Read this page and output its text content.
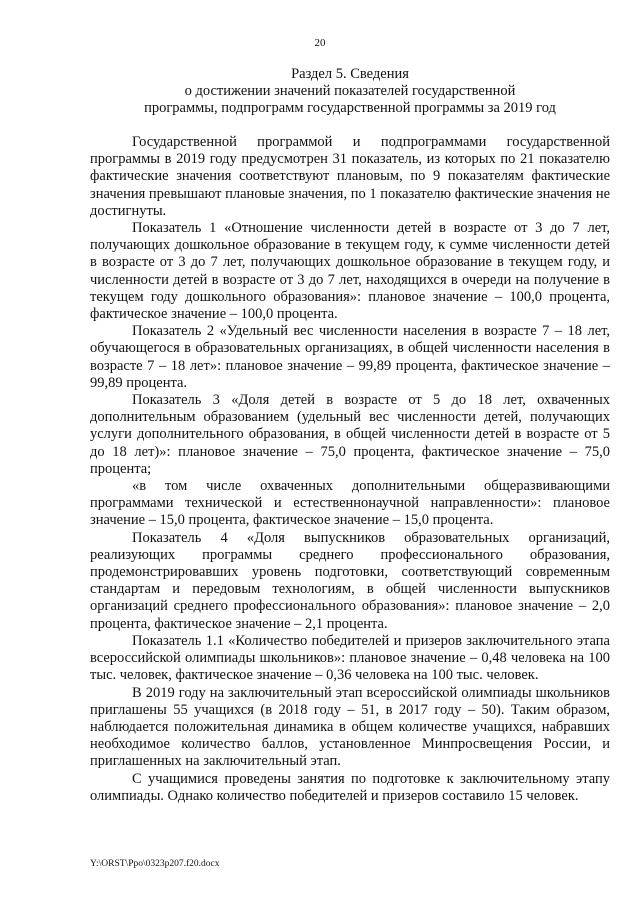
20
Раздел 5. Сведения
о достижении значений показателей государственной
программы, подпрограмм государственной программы за 2019 год

Государственной программой и подпрограммами государственной программы в 2019 году предусмотрен 31 показатель, из которых по 21 показателю фактические значения соответствуют плановым, по 9 показателям фактические значения превышают плановые значения, по 1 показателю фактические значения не достигнуты.

Показатель 1 «Отношение численности детей в возрасте от 3 до 7 лет, получающих дошкольное образование в текущем году, к сумме численности детей в возрасте от 3 до 7 лет, получающих дошкольное образование в текущем году, и численности детей в возрасте от 3 до 7 лет, находящихся в очереди на получение в текущем году дошкольного образования»: плановое значение – 100,0 процента, фактическое значение – 100,0 процента.

Показатель 2 «Удельный вес численности населения в возрасте 7 – 18 лет, обучающегося в образовательных организациях, в общей численности населения в возрасте 7 – 18 лет»: плановое значение – 99,89 процента, фактическое значение – 99,89 процента.

Показатель 3 «Доля детей в возрасте от 5 до 18 лет, охваченных дополнительным образованием (удельный вес численности детей, получающих услуги дополнительного образования, в общей численности детей в возрасте от 5 до 18 лет)»: плановое значение – 75,0 процента, фактическое значение – 75,0 процента;

«в том числе охваченных дополнительными общеразвивающими программами технической и естественнонаучной направленности»: плановое значение – 15,0 процента, фактическое значение – 15,0 процента.

Показатель 4 «Доля выпускников образовательных организаций, реализующих программы среднего профессионального образования, продемонстрировавших уровень подготовки, соответствующий современным стандартам и передовым технологиям, в общей численности выпускников организаций среднего профессионального образования»: плановое значение – 2,0 процента, фактическое значение – 2,1 процента.

Показатель 1.1 «Количество победителей и призеров заключительного этапа всероссийской олимпиады школьников»: плановое значение – 0,48 человека на 100 тыс. человек, фактическое значение – 0,36 человека на 100 тыс. человек.

В 2019 году на заключительный этап всероссийской олимпиады школьников приглашены 55 учащихся (в 2018 году – 51, в 2017 году – 50). Таким образом, наблюдается положительная динамика в общем количестве учащихся, набравших необходимое количество баллов, установленное Минпросвещения России, и приглашенных на заключительный этап.

С учащимися проведены занятия по подготовке к заключительному этапу олимпиады. Однако количество победителей и призеров составило 15 человек.

Y:\ORST\Ppo\0323p207.f20.docx
